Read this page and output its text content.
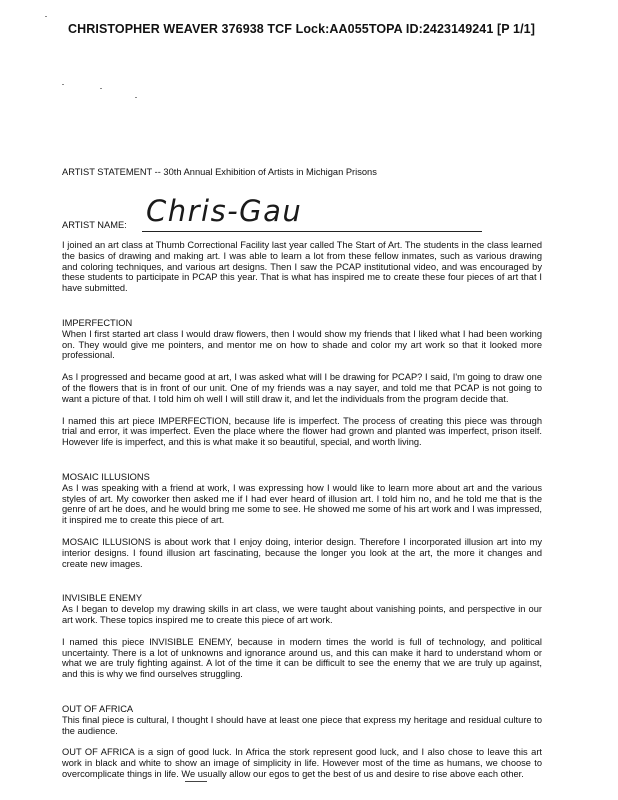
CHRISTOPHER WEAVER 376938 TCF Lock:AA055TOPA ID:2423149241 [P 1/1]
ARTIST STATEMENT -- 30th Annual Exhibition of Artists in Michigan Prisons
ARTIST NAME: Chris-Gau

I joined an art class at Thumb Correctional Facility last year called The Start of Art. The students in the class learned the basics of drawing and making art. I was able to learn a lot from these fellow inmates, such as various drawing and coloring techniques, and various art designs. Then I saw the PCAP institutional video, and was encouraged by these students to participate in PCAP this year. That is what has inspired me to create these four pieces of art that I have submitted.

IMPERFECTION

When I first started art class I would draw flowers, then I would show my friends that I liked what I had been working on. They would give me pointers, and mentor me on how to shade and color my art work so that it looked more professional.

As I progressed and became good at art, I was asked what will I be drawing for PCAP? I said, I'm going to draw one of the flowers that is in front of our unit. One of my friends was a nay sayer, and told me that PCAP is not going to want a picture of that. I told him oh well I will still draw it, and let the individuals from the program decide that.

I named this art piece IMPERFECTION, because life is imperfect. The process of creating this piece was through trial and error, it was imperfect. Even the place where the flower had grown and planted was imperfect, prison itself. However life is imperfect, and this is what make it so beautiful, special, and worth living.

MOSAIC ILLUSIONS

As I was speaking with a friend at work, I was expressing how I would like to learn more about art and the various styles of art. My coworker then asked me if I had ever heard of illusion art. I told him no, and he told me that is the genre of art he does, and he would bring me some to see. He showed me some of his art work and I was impressed, it inspired me to create this piece of art.

MOSAIC ILLUSIONS is about work that I enjoy doing, interior design. Therefore I incorporated illusion art into my interior designs. I found illusion art fascinating, because the longer you look at the art, the more it changes and create new images.

INVISIBLE ENEMY

As I began to develop my drawing skills in art class, we were taught about vanishing points, and perspective in our art work. These topics inspired me to create this piece of art work.

I named this piece INVISIBLE ENEMY, because in modern times the world is full of technology, and political uncertainty. There is a lot of unknowns and ignorance around us, and this can make it hard to understand whom or what we are truly fighting against. A lot of the time it can be difficult to see the enemy that we are truly up against, and this is why we find ourselves struggling.

OUT OF AFRICA

This final piece is cultural, I thought I should have at least one piece that express my heritage and residual culture to the audience.

OUT OF AFRICA is a sign of good luck. In Africa the stork represent good luck, and I also chose to leave this art work in black and white to show an image of simplicity in life. However most of the time as humans, we choose to overcomplicate things in life. We usually allow our egos to get the best of us and desire to rise above each other.
